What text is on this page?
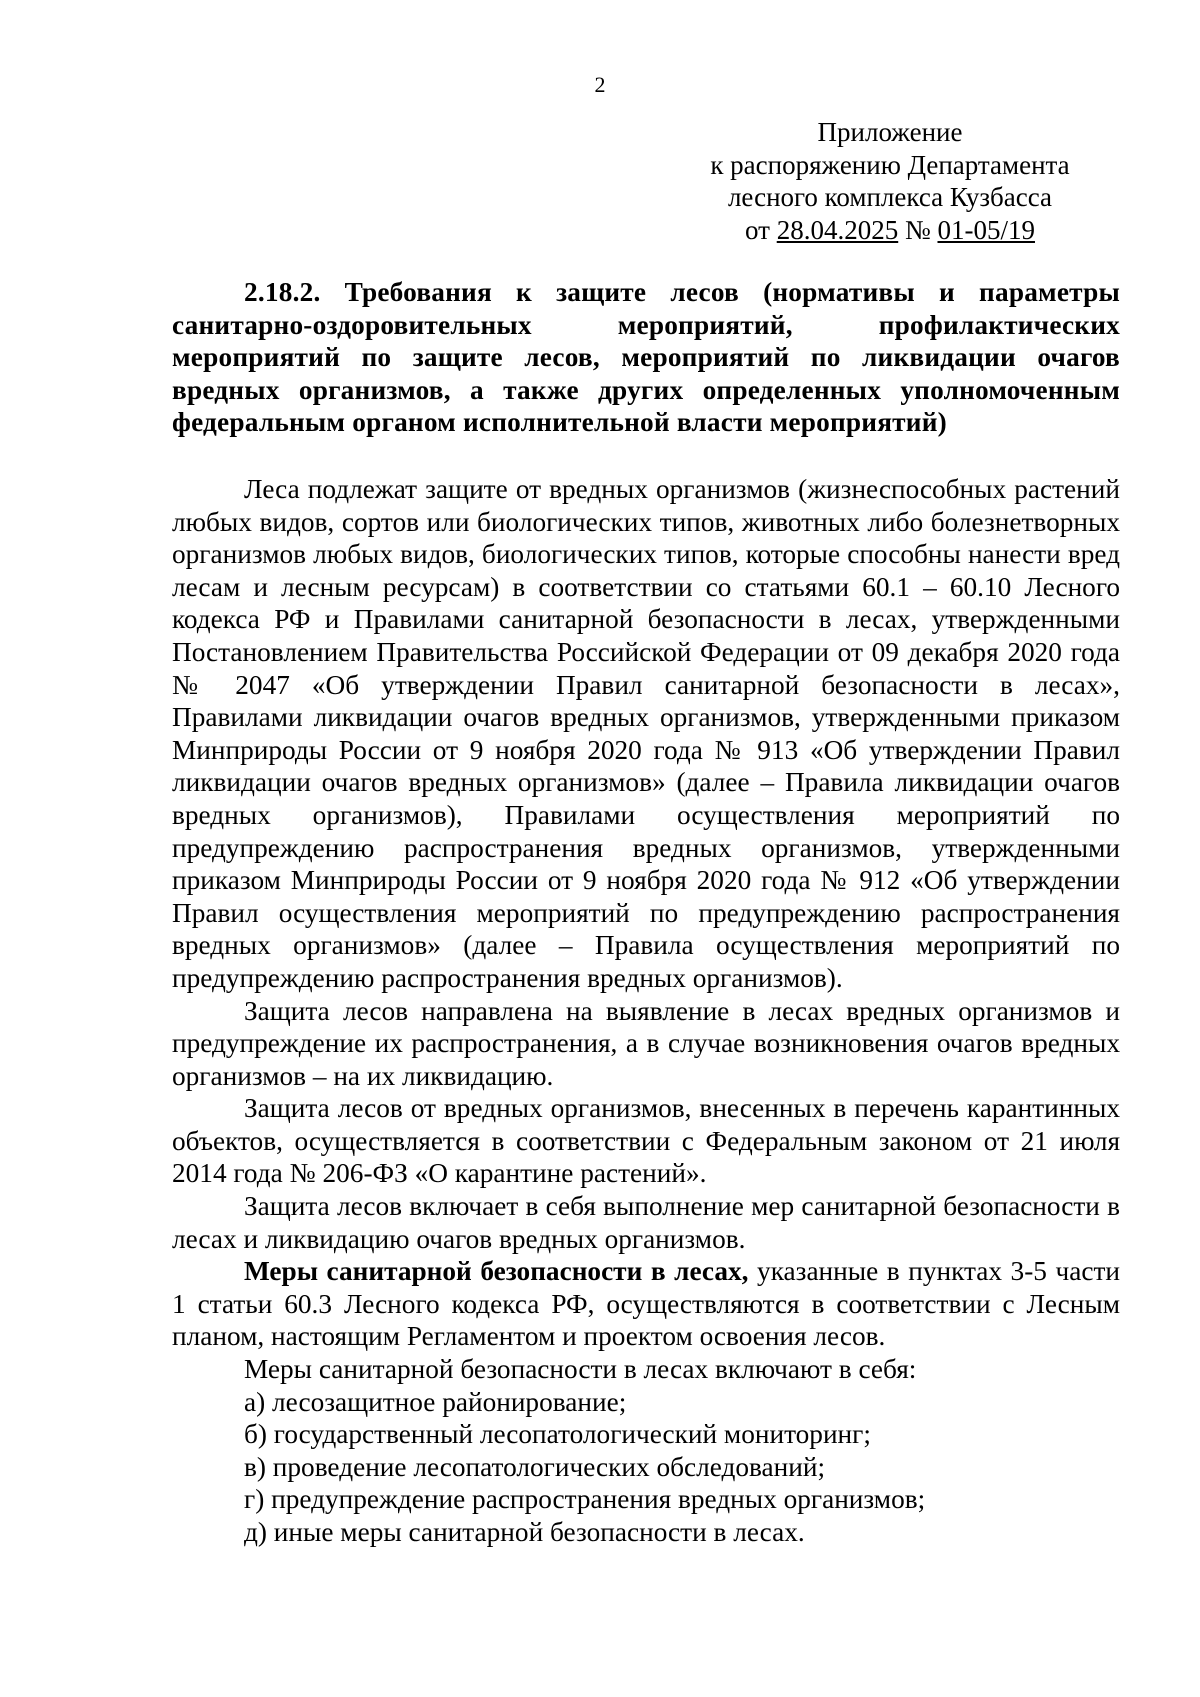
2
Приложение
к распоряжению Департамента
лесного комплекса Кузбасса
от 28.04.2025 № 01-05/19
2.18.2. Требования к защите лесов (нормативы и параметры санитарно-оздоровительных мероприятий, профилактических мероприятий по защите лесов, мероприятий по ликвидации очагов вредных организмов, а также других определенных уполномоченным федеральным органом исполнительной власти мероприятий)

Леса подлежат защите от вредных организмов (жизнеспособных растений любых видов, сортов или биологических типов, животных либо болезнетворных организмов любых видов, биологических типов, которые способны нанести вред лесам и лесным ресурсам) в соответствии со статьями 60.1 – 60.10 Лесного кодекса РФ и Правилами санитарной безопасности в лесах, утвержденными Постановлением Правительства Российской Федерации от 09 декабря 2020 года № 2047 «Об утверждении Правил санитарной безопасности в лесах», Правилами ликвидации очагов вредных организмов, утвержденными приказом Минприроды России от 9 ноября 2020 года № 913 «Об утверждении Правил ликвидации очагов вредных организмов» (далее – Правила ликвидации очагов вредных организмов), Правилами осуществления мероприятий по предупреждению распространения вредных организмов, утвержденными приказом Минприроды России от 9 ноября 2020 года № 912 «Об утверждении Правил осуществления мероприятий по предупреждению распространения вредных организмов» (далее – Правила осуществления мероприятий по предупреждению распространения вредных организмов).

Защита лесов направлена на выявление в лесах вредных организмов и предупреждение их распространения, а в случае возникновения очагов вредных организмов – на их ликвидацию.

Защита лесов от вредных организмов, внесенных в перечень карантинных объектов, осуществляется в соответствии с Федеральным законом от 21 июля 2014 года № 206-ФЗ «О карантине растений».

Защита лесов включает в себя выполнение мер санитарной безопасности в лесах и ликвидацию очагов вредных организмов.

Меры санитарной безопасности в лесах, указанные в пунктах 3-5 части 1 статьи 60.3 Лесного кодекса РФ, осуществляются в соответствии с Лесным планом, настоящим Регламентом и проектом освоения лесов.

Меры санитарной безопасности в лесах включают в себя:

а) лесозащитное районирование;

б) государственный лесопатологический мониторинг;

в) проведение лесопатологических обследований;

г) предупреждение распространения вредных организмов;

д) иные меры санитарной безопасности в лесах.
